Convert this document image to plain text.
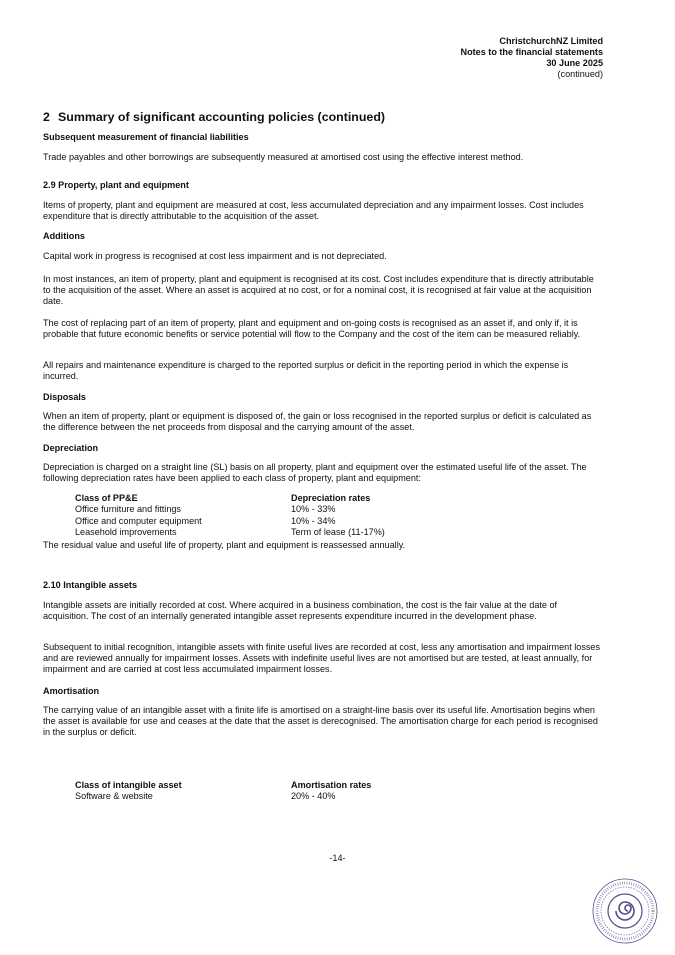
ChristchurchNZ Limited
Notes to the financial statements
30 June 2025
(continued)
2 Summary of significant accounting policies (continued)

Subsequent measurement of financial liabilities

Trade payables and other borrowings are subsequently measured at amortised cost using the effective interest method.

2.9 Property, plant and equipment

Items of property, plant and equipment are measured at cost, less accumulated depreciation and any impairment losses. Cost includes expenditure that is directly attributable to the acquisition of the asset.

Additions

Capital work in progress is recognised at cost less impairment and is not depreciated.

In most instances, an item of property, plant and equipment is recognised at its cost. Cost includes expenditure that is directly attributable to the acquisition of the asset. Where an asset is acquired at no cost, or for a nominal cost, it is recognised at fair value at the acquisition date.

The cost of replacing part of an item of property, plant and equipment and on-going costs is recognised as an asset if, and only if, it is probable that future economic benefits or service potential will flow to the Company and the cost of the item can be measured reliably.

All repairs and maintenance expenditure is charged to the reported surplus or deficit in the reporting period in which the expense is incurred.

Disposals

When an item of property, plant or equipment is disposed of, the gain or loss recognised in the reported surplus or deficit is calculated as the difference between the net proceeds from disposal and the carrying amount of the asset.

Depreciation

Depreciation is charged on a straight line (SL) basis on all property, plant and equipment over the estimated useful life of the asset. The following depreciation rates have been applied to each class of property, plant and equipment:

Class of PP&E	Depreciation rates
Office furniture and fittings	10% - 33%
Office and computer equipment	10% - 34%
Leasehold improvements	Term of lease (11-17%)

The residual value and useful life of property, plant and equipment is reassessed annually.

2.10 Intangible assets

Intangible assets are initially recorded at cost. Where acquired in a business combination, the cost is the fair value at the date of acquisition. The cost of an internally generated intangible asset represents expenditure incurred in the development phase.

Subsequent to initial recognition, intangible assets with finite useful lives are recorded at cost, less any amortisation and impairment losses and are reviewed annually for impairment losses. Assets with indefinite useful lives are not amortised but are tested, at least annually, for impairment and are carried at cost less accumulated impairment losses.

Amortisation

The carrying value of an intangible asset with a finite life is amortised on a straight-line basis over its useful life. Amortisation begins when the asset is available for use and ceases at the date that the asset is derecognised. The amortisation charge for each period is recognised in the surplus or deficit.

Class of intangible asset	Amortisation rates
Software & website	20% - 40%
-14-
